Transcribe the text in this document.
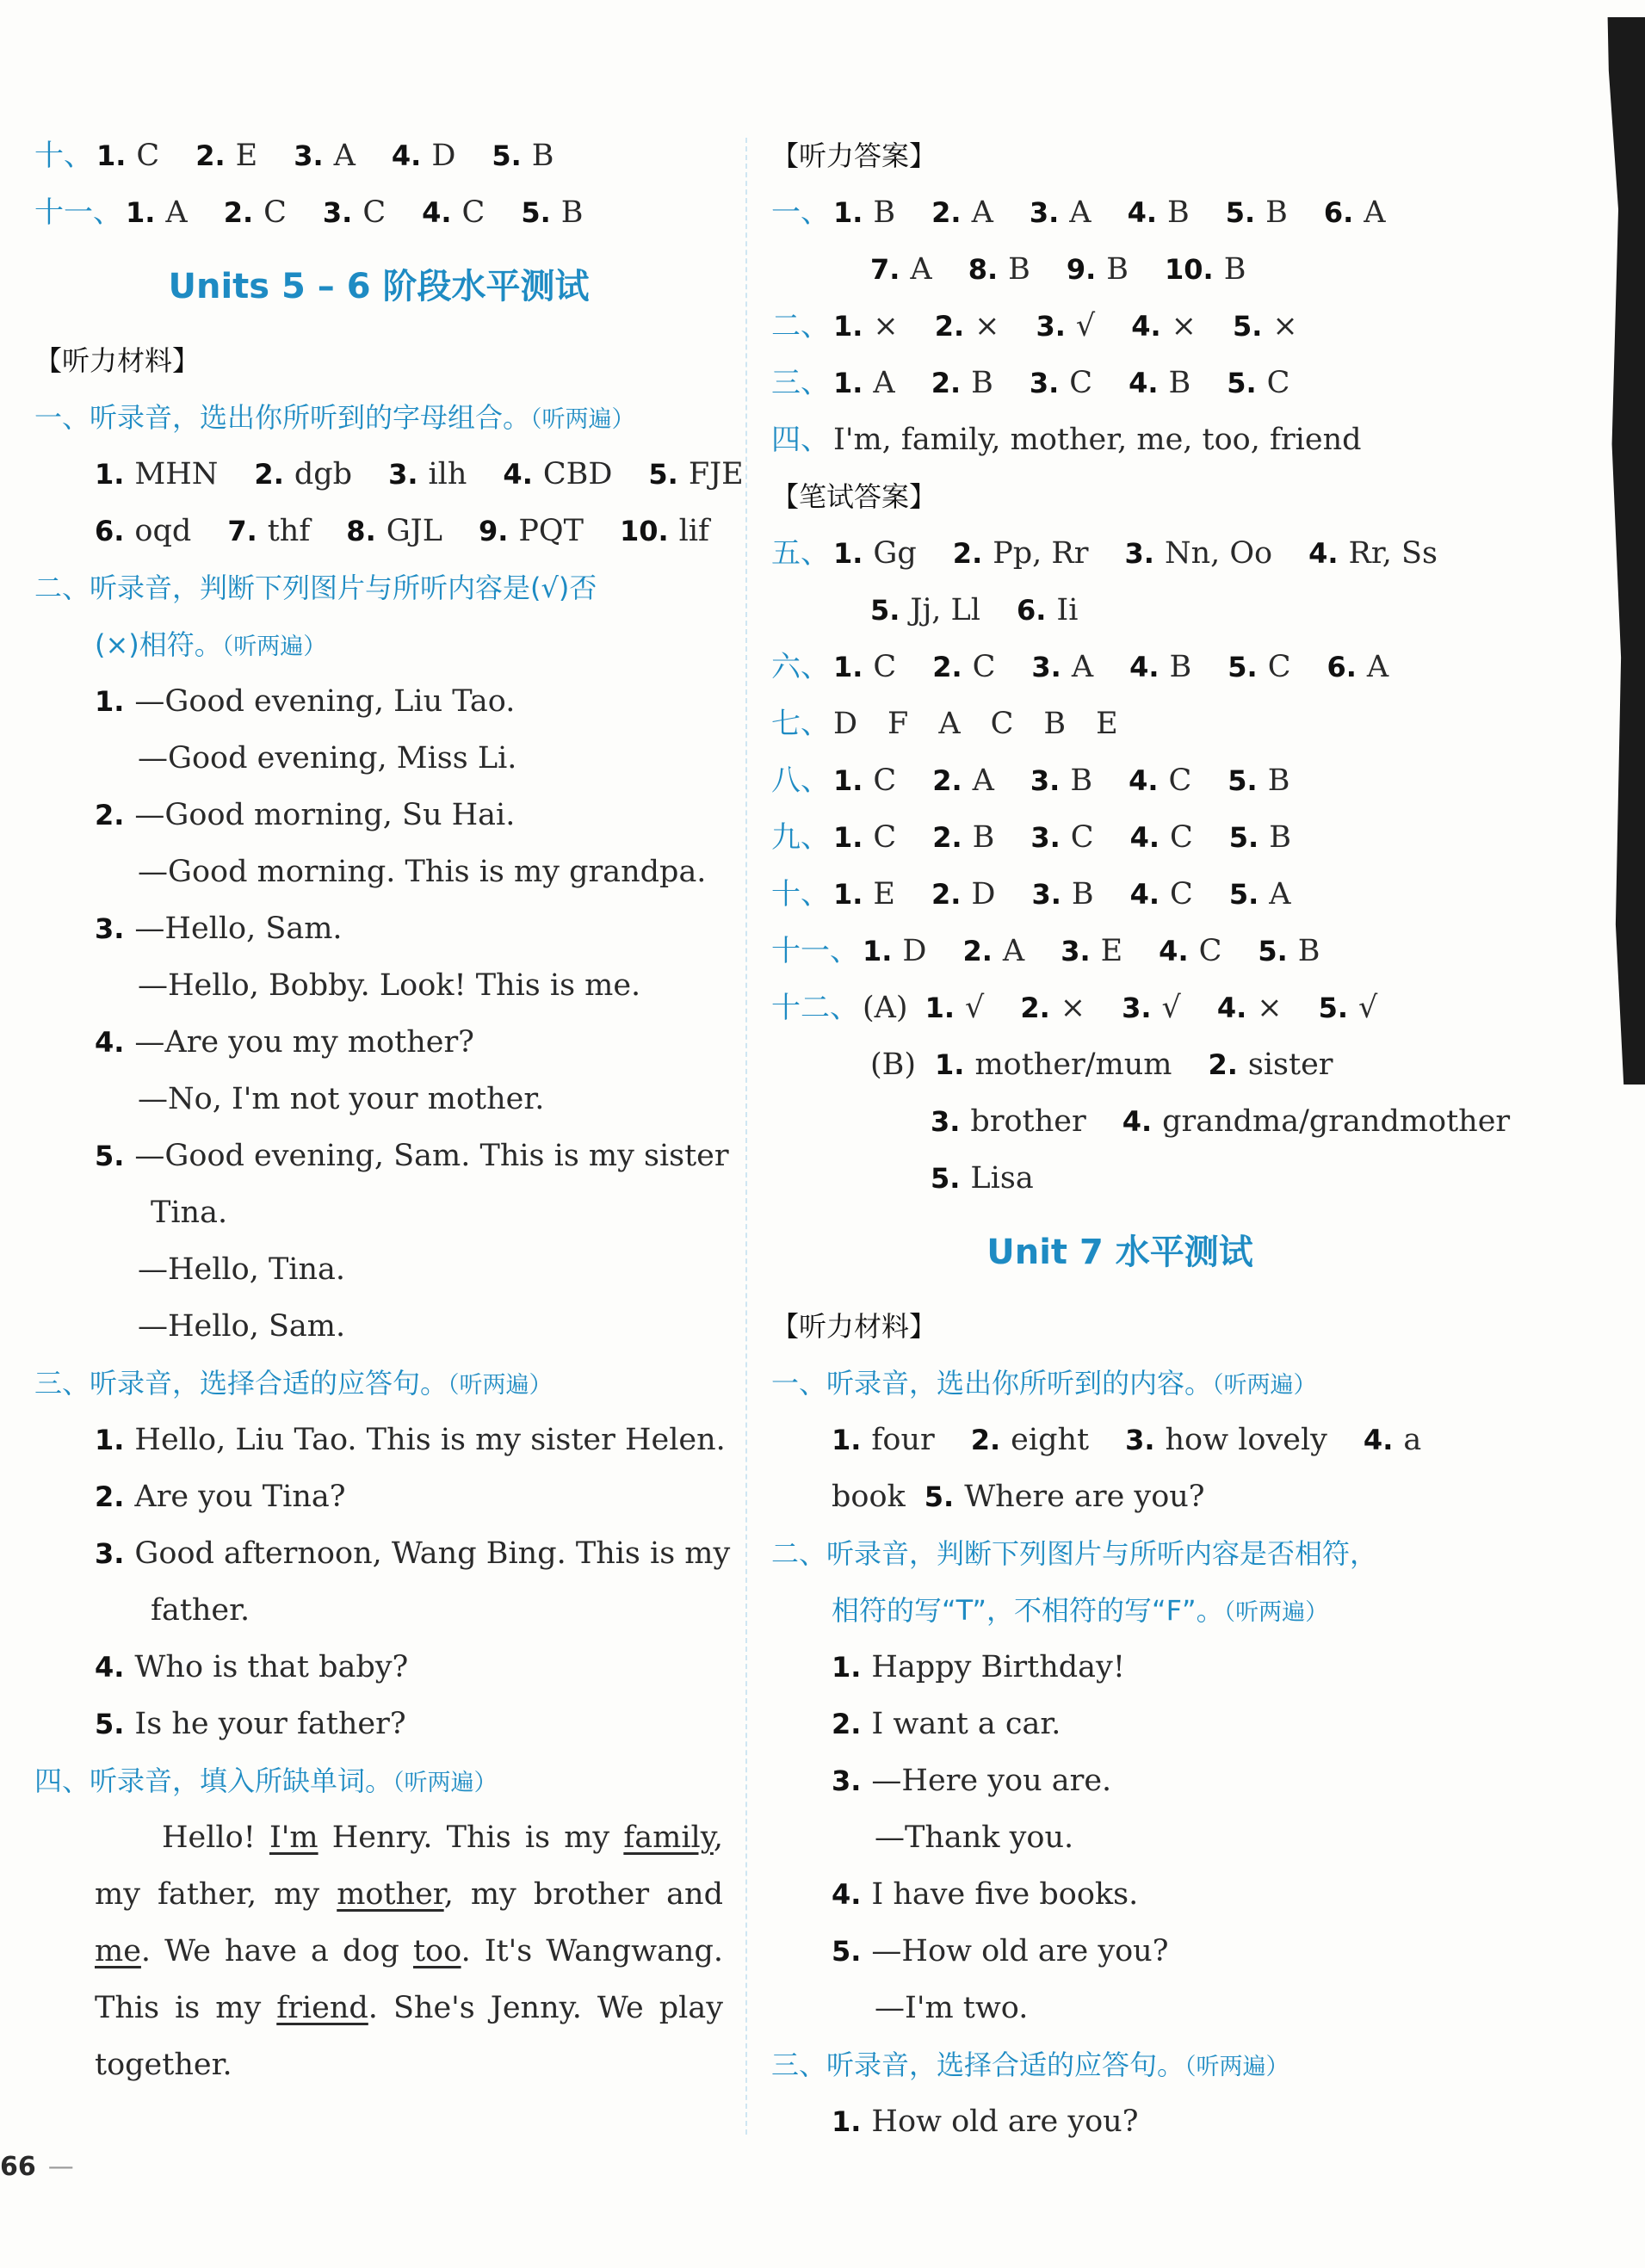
十、 1. C 2. E 3. A 4. D 5. B
十一、 1. A 2. C 3. C 4. C 5. B
Units 5 – 6 阶段水平测试
【听力材料】
一、听录音，选出你所听到的字母组合。（听两遍）
1. MHN 2. dgb 3. ilh 4. CBD 5. FJE
6. oqd 7. thf 8. GJL 9. PQT 10. lif
二、听录音，判断下列图片与所听内容是(√)否
(×)相符。（听两遍）
1. —Good evening, Liu Tao.
—Good evening, Miss Li.
2. —Good morning, Su Hai.
—Good morning. This is my grandpa.
3. —Hello, Sam.
—Hello, Bobby. Look! This is me.
4. —Are you my mother?
—No, I'm not your mother.
5. —Good evening, Sam. This is my sister
Tina.
—Hello, Tina.
—Hello, Sam.
三、听录音，选择合适的应答句。（听两遍）
1. Hello, Liu Tao. This is my sister Helen.
2. Are you Tina?
3. Good afternoon, Wang Bing. This is my
father.
4. Who is that baby?
5. Is he your father?
四、听录音，填入所缺单词。（听两遍）
Hello! I'm Henry. This is my family, my father, my mother, my brother and me. We have a dog too. It's Wangwang. This is my friend. She's Jenny. We play together.
66 —
【听力答案】
一、 1. B 2. A 3. A 4. B 5. B 6. A
7. A 8. B 9. B 10. B
二、 1. × 2. × 3. √ 4. × 5. ×
三、 1. A 2. B 3. C 4. B 5. C
四、 I'm, family, mother, me, too, friend
【笔试答案】
五、 1. Gg 2. Pp, Rr 3. Nn, Oo 4. Rr, Ss
5. Jj, Ll 6. Ii
六、 1. C 2. C 3. A 4. B 5. C 6. A
七、 D　F　A　C　B　E
八、 1. C 2. A 3. B 4. C 5. B
九、 1. C 2. B 3. C 4. C 5. B
十、 1. E 2. D 3. B 4. C 5. A
十一、 1. D 2. A 3. E 4. C 5. B
十二、 (A) 1. √ 2. × 3. √ 4. × 5. √
(B) 1. mother/mum 2. sister
3. brother 4. grandma/grandmother
5. Lisa
Unit 7 水平测试
【听力材料】
一、听录音，选出你所听到的内容。（听两遍）
1. four 2. eight 3. how lovely 4. a
book 5. Where are you?
二、听录音，判断下列图片与所听内容是否相符，
相符的写“T”，不相符的写“F”。（听两遍）
1. Happy Birthday!
2. I want a car.
3. —Here you are.
—Thank you.
4. I have five books.
5. —How old are you?
—I'm two.
三、听录音，选择合适的应答句。（听两遍）
1. How old are you?
